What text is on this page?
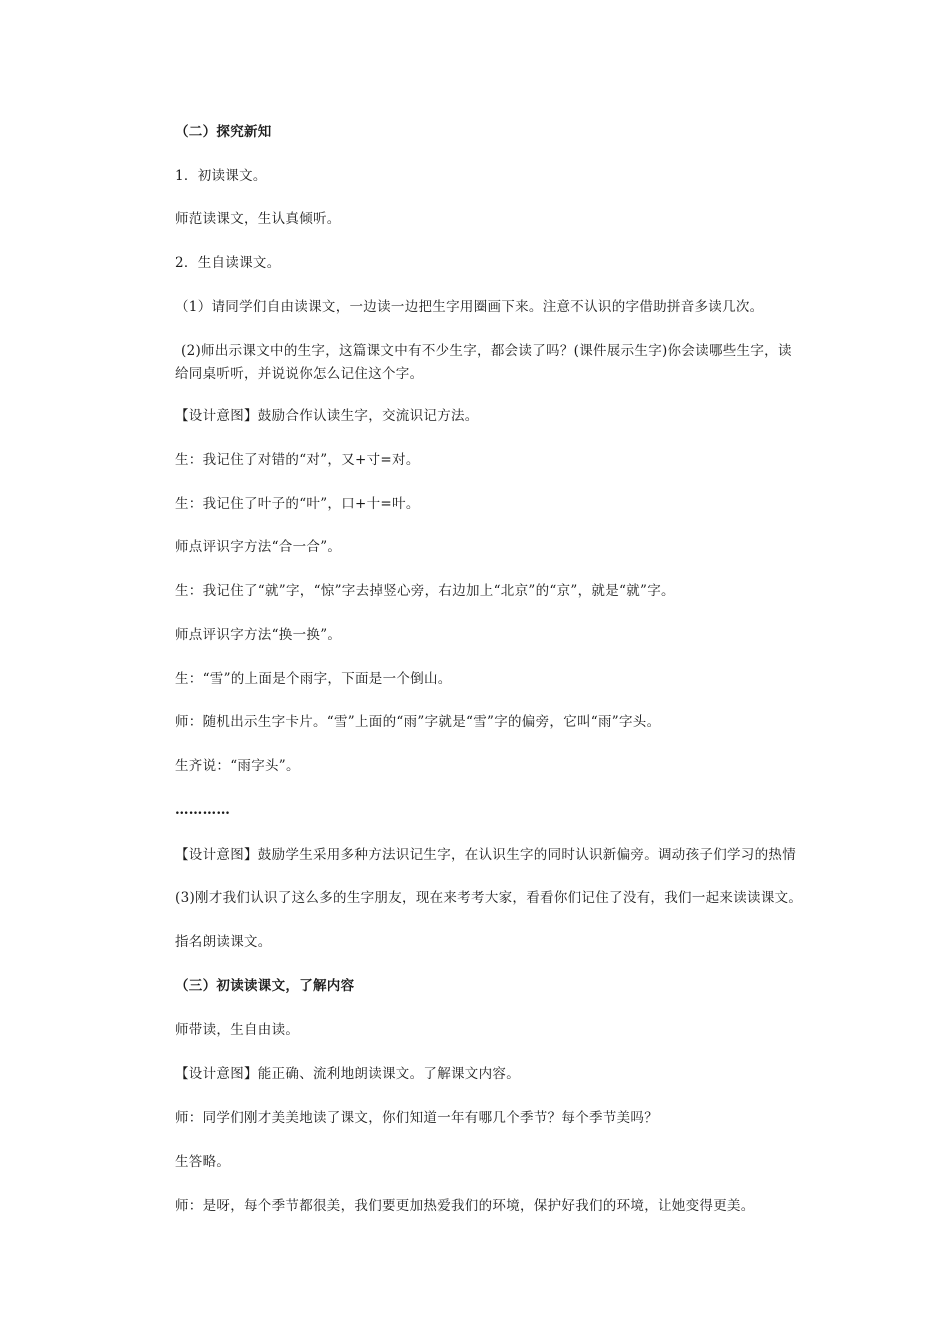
（二）探究新知
1．初读课文。
师范读课文，生认真倾听。
2．生自读课文。
（1）请同学们自由读课文，一边读一边把生字用圈画下来。注意不认识的字借助拼音多读几次。
(2)师出示课文中的生字，这篇课文中有不少生字，都会读了吗？(课件展示生字)你会读哪些生字，读
给同桌听听，并说说你怎么记住这个字。
【设计意图】鼓励合作认读生字，交流识记方法。
生：我记住了对错的“对”，又+寸=对。
生：我记住了叶子的“叶”，口+十=叶。
师点评识字方法“合一合”。
生：我记住了“就”字，“惊”字去掉竖心旁，右边加上“北京”的“京”，就是“就”字。
师点评识字方法“换一换”。
生：“雪”的上面是个雨字，下面是一个倒山。
师：随机出示生字卡片。“雪”上面的“雨”字就是“雪”字的偏旁，它叫“雨”字头。
生齐说：“雨字头”。
…………
【设计意图】鼓励学生采用多种方法识记生字，在认识生字的同时认识新偏旁。调动孩子们学习的热情
(3)刚才我们认识了这么多的生字朋友，现在来考考大家，看看你们记住了没有，我们一起来读读课文。
指名朗读课文。
（三）初读读课文，了解内容
师带读，生自由读。
【设计意图】能正确、流利地朗读课文。了解课文内容。
师：同学们刚才美美地读了课文，你们知道一年有哪几个季节？每个季节美吗？
生答略。
师：是呀，每个季节都很美，我们要更加热爱我们的环境，保护好我们的环境，让她变得更美。
